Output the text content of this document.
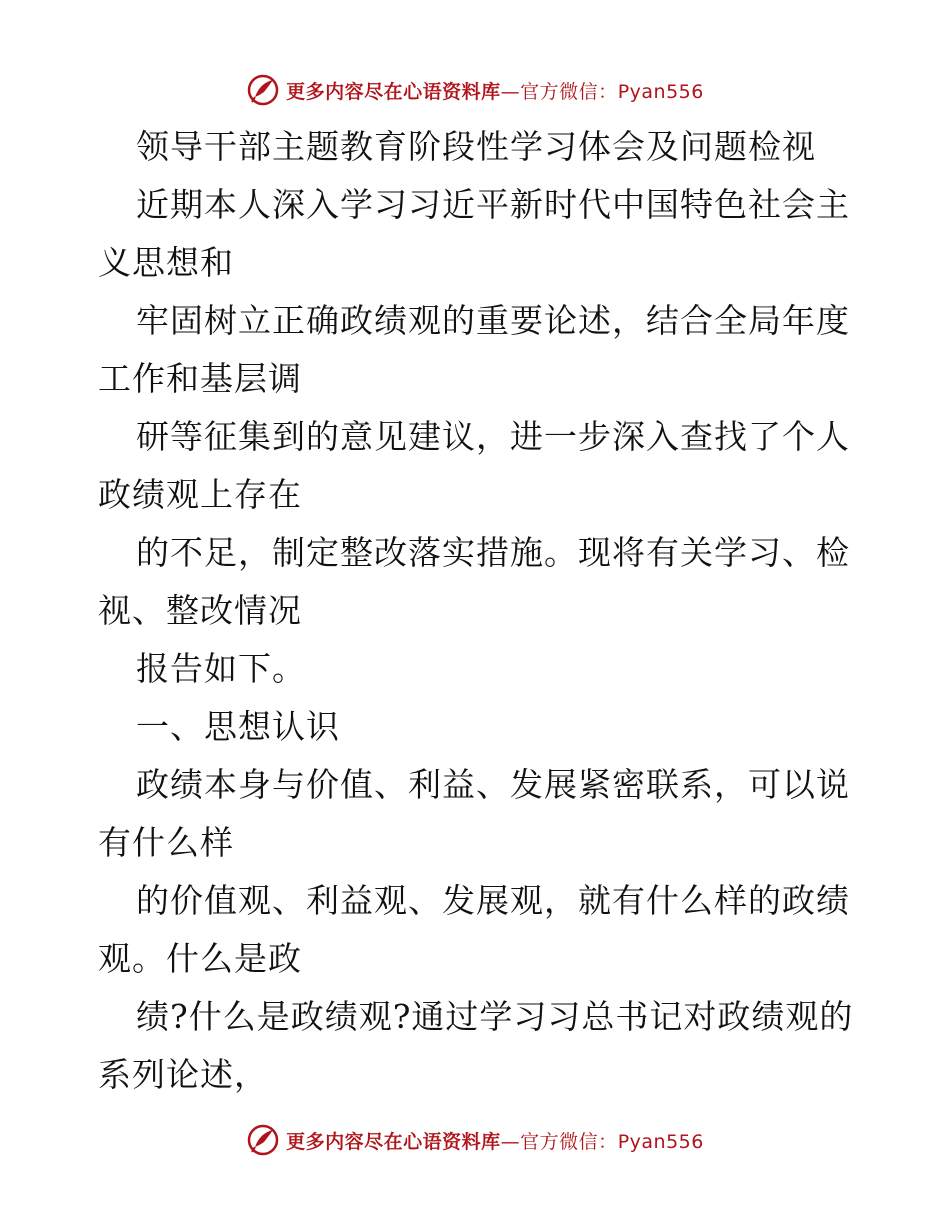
更多内容尽在心语资料库—官方微信：Pyan556
领导干部主题教育阶段性学习体会及问题检视
近期本人深入学习习近平新时代中国特色社会主
义思想和
牢固树立正确政绩观的重要论述，结合全局年度
工作和基层调
研等征集到的意见建议，进一步深入查找了个人
政绩观上存在
的不足，制定整改落实措施。现将有关学习、检
视、整改情况
报告如下。
一、思想认识
政绩本身与价值、利益、发展紧密联系，可以说
有什么样
的价值观、利益观、发展观，就有什么样的政绩
观。什么是政
绩?什么是政绩观?通过学习习总书记对政绩观的
系列论述，
更多内容尽在心语资料库—官方微信：Pyan556
